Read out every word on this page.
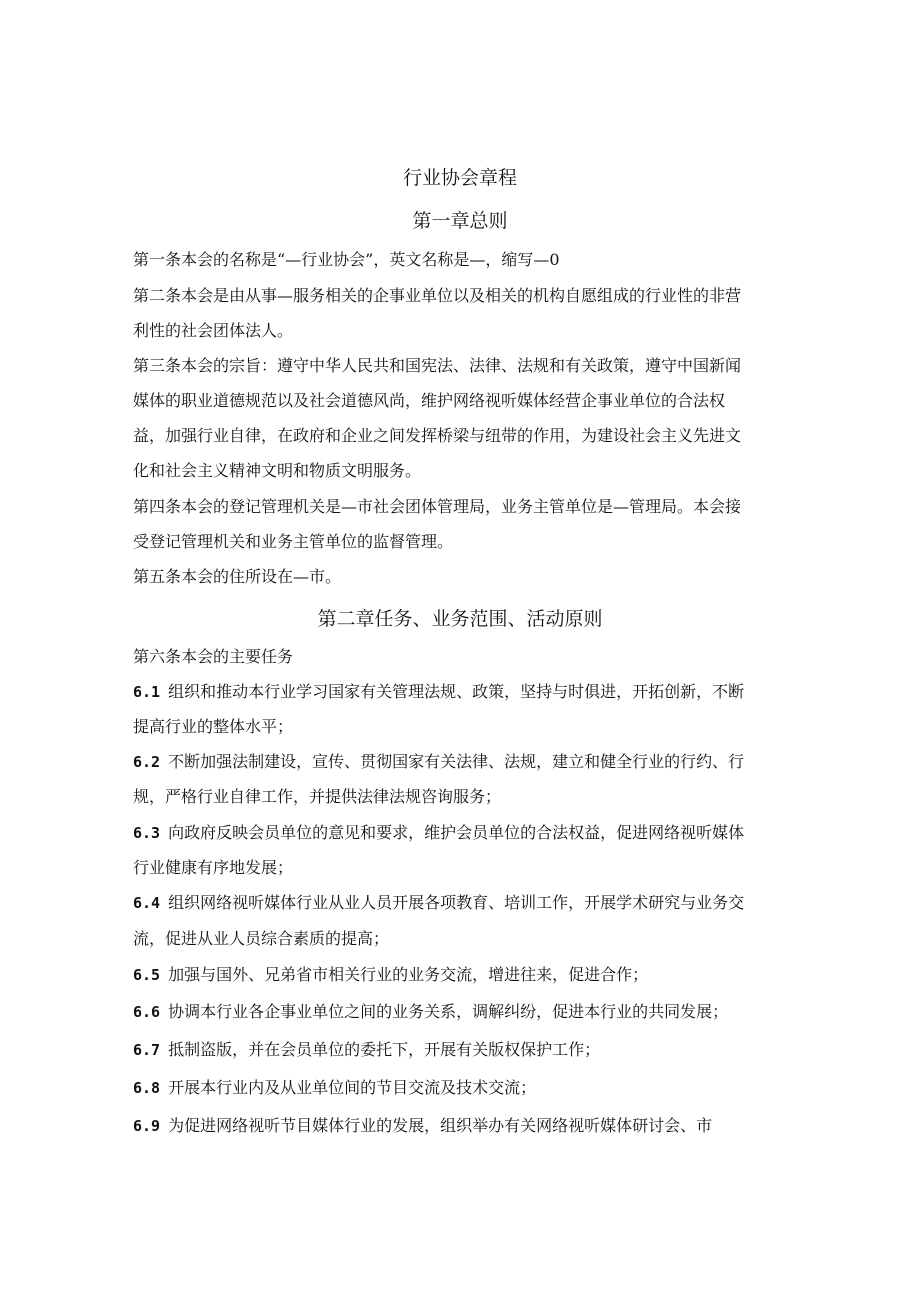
行业协会章程
第一章总则
第一条本会的名称是“—行业协会”，英文名称是—，缩写—0
第二条本会是由从事—服务相关的企事业单位以及相关的机构自愿组成的行业性的非营
利性的社会团体法人。
第三条本会的宗旨：遵守中华人民共和国宪法、法律、法规和有关政策，遵守中国新闻
媒体的职业道德规范以及社会道德风尚，维护网络视听媒体经营企事业单位的合法权
益，加强行业自律，在政府和企业之间发挥桥梁与纽带的作用，为建设社会主义先进文
化和社会主义精神文明和物质文明服务。
第四条本会的登记管理机关是—市社会团体管理局，业务主管单位是—管理局。本会接
受登记管理机关和业务主管单位的监督管理。
第五条本会的住所设在—市。
第二章任务、业务范围、活动原则
第六条本会的主要任务
6.1 组织和推动本行业学习国家有关管理法规、政策，坚持与时俱进，开拓创新，不断
提高行业的整体水平；
6.2 不断加强法制建设，宣传、贯彻国家有关法律、法规，建立和健全行业的行约、行
规，严格行业自律工作，并提供法律法规咨询服务；
6.3 向政府反映会员单位的意见和要求，维护会员单位的合法权益，促进网络视听媒体
行业健康有序地发展；
6.4 组织网络视听媒体行业从业人员开展各项教育、培训工作，开展学术研究与业务交
流，促进从业人员综合素质的提高；
6.5 加强与国外、兄弟省市相关行业的业务交流，增进往来，促进合作；
6.6 协调本行业各企事业单位之间的业务关系，调解纠纷，促进本行业的共同发展；
6.7 抵制盗版，并在会员单位的委托下，开展有关版权保护工作；
6.8 开展本行业内及从业单位间的节目交流及技术交流；
6.9 为促进网络视听节目媒体行业的发展，组织举办有关网络视听媒体研讨会、市
